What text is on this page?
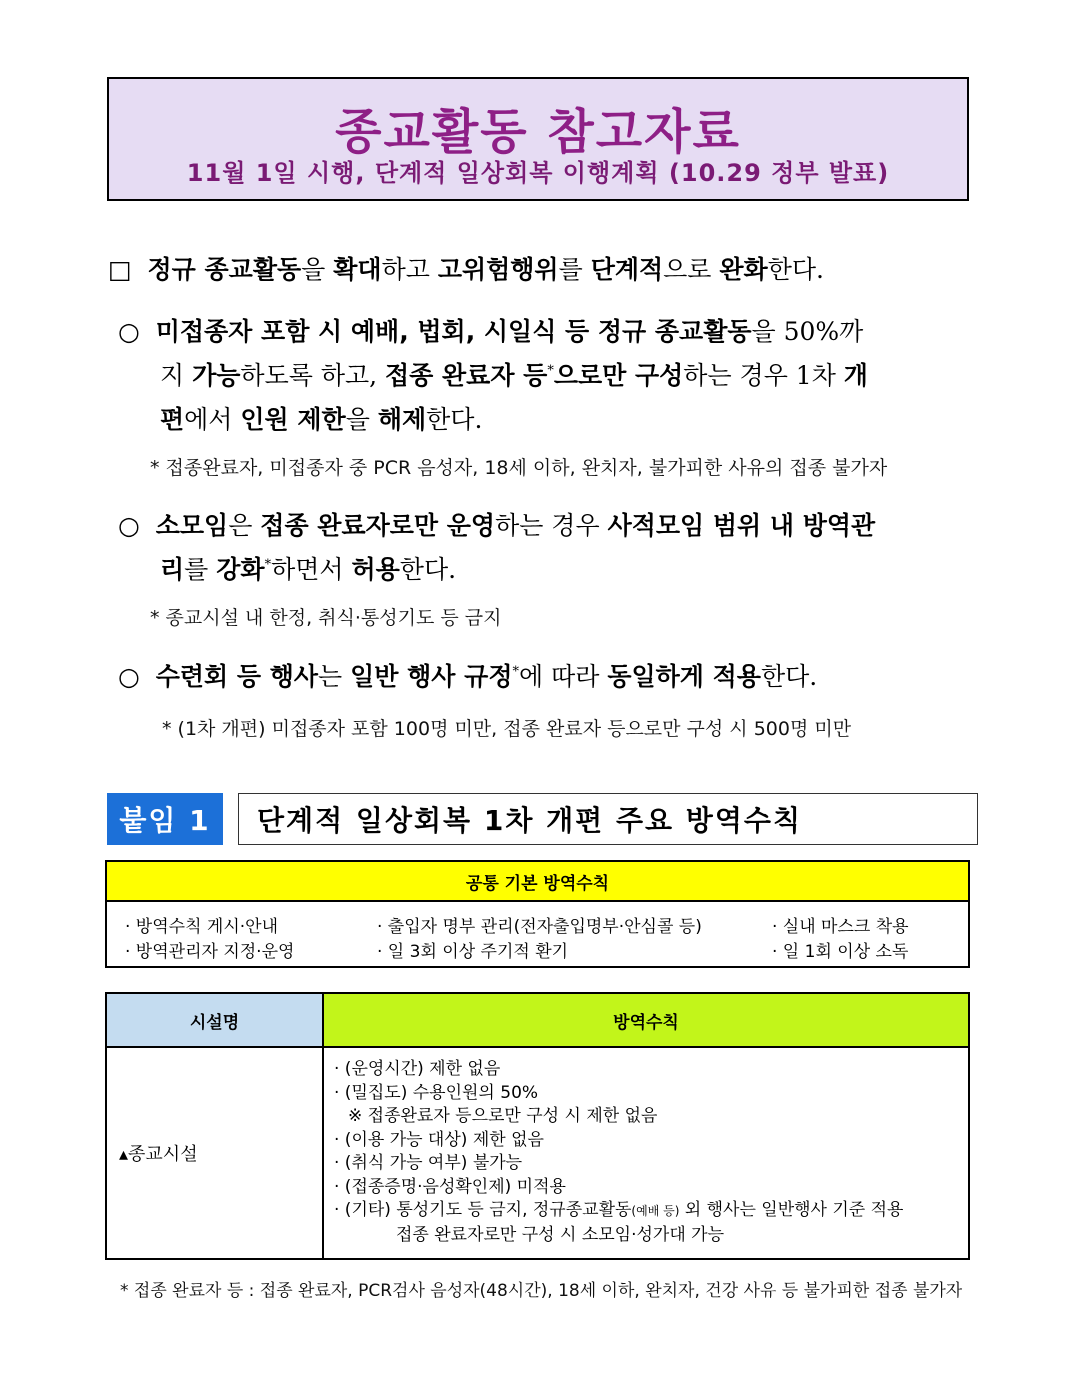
종교활동 참고자료
11월 1일 시행, 단계적 일상회복 이행계획 (10.29 정부 발표)
□ 정규 종교활동을 확대하고 고위험행위를 단계적으로 완화한다.
○ 미접종자 포함 시 예배, 법회, 시일식 등 정규 종교활동을 50%까
지 가능하도록 하고, 접종 완료자 등*으로만 구성하는 경우 1차 개
편에서 인원 제한을 해제한다.
* 접종완료자, 미접종자 중 PCR 음성자, 18세 이하, 완치자, 불가피한 사유의 접종 불가자
○ 소모임은 접종 완료자로만 운영하는 경우 사적모임 범위 내 방역관
리를 강화*하면서 허용한다.
* 종교시설 내 한정, 취식·통성기도 등 금지
○ 수련회 등 행사는 일반 행사 규정*에 따라 동일하게 적용한다.
* (1차 개편) 미접종자 포함 100명 미만, 접종 완료자 등으로만 구성 시 500명 미만
붙임 1	단계적 일상회복 1차 개편 주요 방역수칙
공통 기본 방역수칙
· 방역수칙 게시·안내	· 출입자 명부 관리(전자출입명부·안심콜 등)	· 실내 마스크 착용
· 방역관리자 지정·운영	· 일 3회 이상 주기적 환기	· 일 1회 이상 소독
시설명	방역수칙
▴종교시설
· (운영시간) 제한 없음
· (밀집도) 수용인원의 50%
※ 접종완료자 등으로만 구성 시 제한 없음
· (이용 가능 대상) 제한 없음
· (취식 가능 여부) 불가능
· (접종증명·음성확인제) 미적용
· (기타) 통성기도 등 금지, 정규종교활동(예배 등) 외 행사는 일반행사 기준 적용
접종 완료자로만 구성 시 소모임·성가대 가능
* 접종 완료자 등 : 접종 완료자, PCR검사 음성자(48시간), 18세 이하, 완치자, 건강 사유 등 불가피한 접종 불가자
